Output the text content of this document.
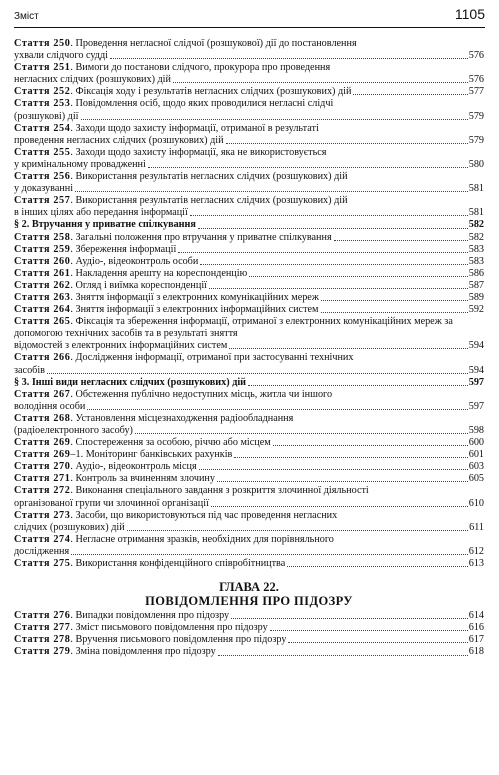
Зміст	1105
Стаття 250. Проведення негласної слідчої (розшукової) дії до постановлення
ухвали слідчого судді	576
Стаття 251. Вимоги до постанови слідчого, прокурора про проведення
негласних слідчих (розшукових) дій	576
Стаття 252. Фіксація ходу і результатів негласних слідчих (розшукових) дій	577
Стаття 253. Повідомлення осіб, щодо яких проводилися негласні слідчі
(розшукові) дії	579
Стаття 254. Заходи щодо захисту інформації, отриманої в результаті
проведення негласних слідчих (розшукових) дій	579
Стаття 255. Заходи щодо захисту інформації, яка не використовується
у кримінальному провадженні	580
Стаття 256. Використання результатів негласних слідчих (розшукових) дій
у доказуванні	581
Стаття 257. Використання результатів негласних слідчих (розшукових) дій
в інших цілях або передання інформації	581
§ 2. Втручання у приватне спілкування	582
Стаття 258. Загальні положення про втручання у приватне спілкування	582
Стаття 259. Збереження інформації	583
Стаття 260. Аудіо-, відеоконтроль особи	583
Стаття 261. Накладення арешту на кореспонденцію	586
Стаття 262. Огляд і виїмка кореспонденції	587
Стаття 263. Зняття інформації з електронних комунікаційних мереж	589
Стаття 264. Зняття інформації з електронних інформаційних систем	592
Стаття 265. Фіксація та збереження інформації, отриманої з електронних комунікаційних мереж за допомогою технічних засобів та в результаті зняття
відомостей з електронних інформаційних систем	594
Стаття 266. Дослідження інформації, отриманої при застосуванні технічних
засобів	594
§ 3. Інші види негласних слідчих (розшукових) дій	597
Стаття 267. Обстеження публічно недоступних місць, житла чи іншого
володіння особи	597
Стаття 268. Установлення місцезнаходження радіообладнання
(радіоелектронного засобу)	598
Стаття 269. Спостереження за особою, річчю або місцем	600
Стаття 269–1. Моніторинг банківських рахунків	601
Стаття 270. Аудіо-, відеоконтроль місця	603
Стаття 271. Контроль за вчиненням злочину	605
Стаття 272. Виконання спеціального завдання з розкриття злочинної діяльності
організованої групи чи злочинної організації	610
Стаття 273. Засоби, що використовуються під час проведення негласних
слідчих (розшукових) дій	611
Стаття 274. Негласне отримання зразків, необхідних для порівняльного
дослідження	612
Стаття 275. Використання конфіденційного співробітництва	613
ГЛАВА 22.
ПОВІДОМЛЕННЯ ПРО ПІДОЗРУ
Стаття 276. Випадки повідомлення про підозру	614
Стаття 277. Зміст письмового повідомлення про підозру	616
Стаття 278. Вручення письмового повідомлення про підозру	617
Стаття 279. Зміна повідомлення про підозру	618
